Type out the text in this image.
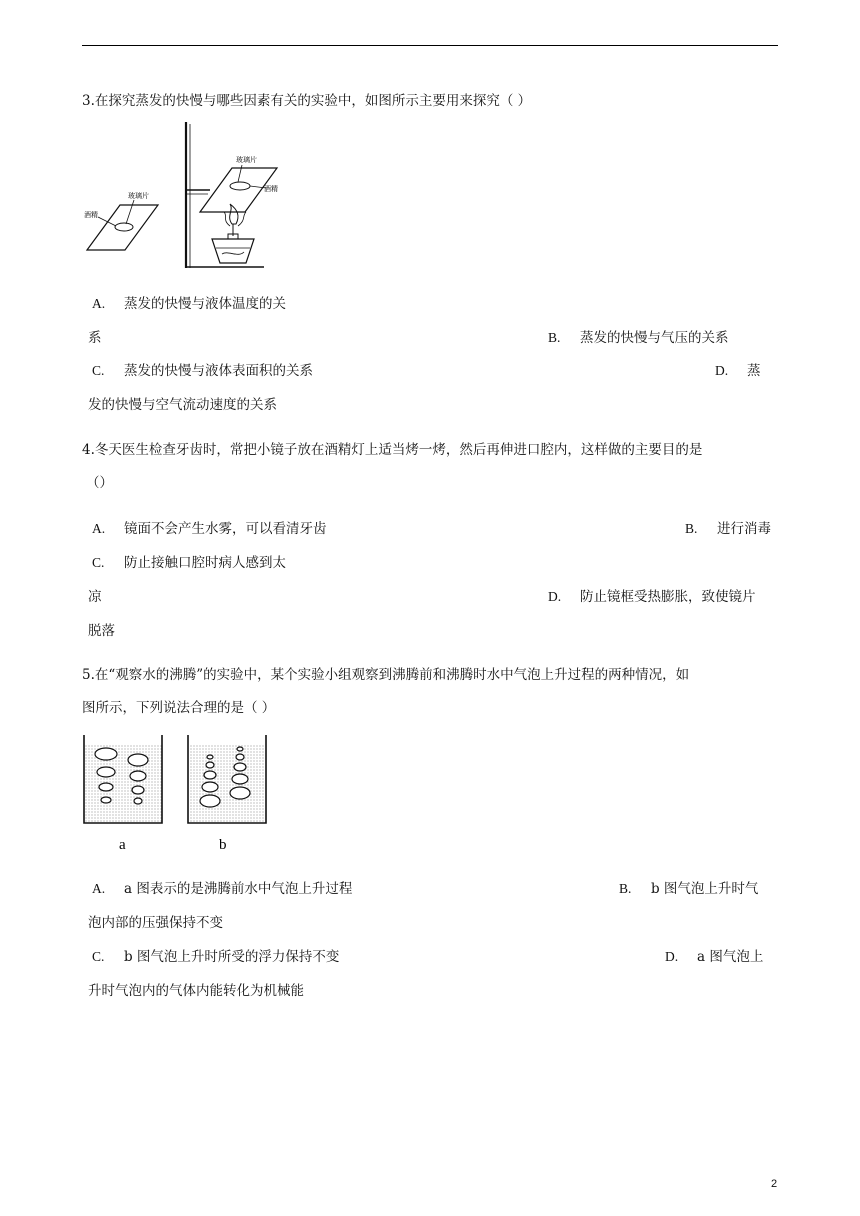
3.在探究蒸发的快慢与哪些因素有关的实验中，如图所示主要用来探究（ ）
酒精
玻璃片
酒精
玻璃片
A. 蒸发的快慢与液体温度的关
系	B. 蒸发的快慢与气压的关系
C. 蒸发的快慢与液体表面积的关系	D. 蒸
发的快慢与空气流动速度的关系
4.冬天医生检查牙齿时，常把小镜子放在酒精灯上适当烤一烤，然后再伸进口腔内，这样做的主要目的是
（）
A. 镜面不会产生水雾，可以看清牙齿	B. 进行消毒
C. 防止接触口腔时病人感到太
凉	D. 防止镜框受热膨胀，致使镜片
脱落
5.在“观察水的沸腾”的实验中，某个实验小组观察到沸腾前和沸腾时水中气泡上升过程的两种情况，如
图所示，下列说法合理的是（ ）
a	b
A. a 图表示的是沸腾前水中气泡上升过程	B. b 图气泡上升时气
泡内部的压强保持不变
C. b 图气泡上升时所受的浮力保持不变	D. a 图气泡上
升时气泡内的气体内能转化为机械能
2
